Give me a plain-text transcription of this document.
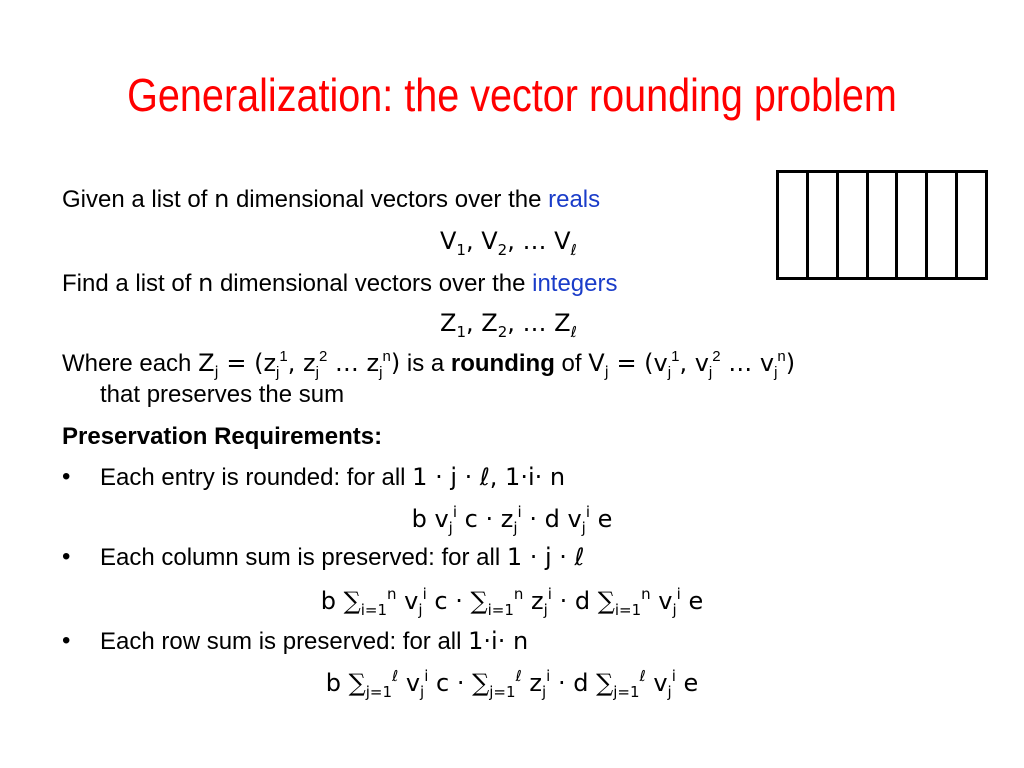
Generalization: the vector rounding problem
Given a list of n dimensional vectors over the reals
$V_1$, $V_2$, … $V_\ell$
Find a list of n dimensional vectors over the integers
$Z_1$, $Z_2$, … $Z_\ell$
Where each $Z_j = (z_j^1$, $z_j^2$ … $z_j^n$) is a rounding of $V_j = (v_j^1$, $v_j^2$ … $v_j^n$)
that preserves the sum
Preservation Requirements:
• Each entry is rounded: for all 1 · j · ℓ, 1·i· n
b $v_j^i$ $c \cdot z_j^i \cdot d$ $v_j^i$ e
• Each column sum is preserved: for all 1 · j · ℓ
b $\sum_{i=1}^n$ $v_j^i$ $c \cdot \sum_{i=1}^n$ $z_j^i \cdot d$ $\sum_{i=1}^n$ $v_j^i$ e
• Each row sum is preserved: for all 1·i· n
b $\sum_{j=1}^\ell$ $v_j^i$ $c \cdot \sum_{j=1}^\ell$ $z_j^i \cdot d$ $\sum_{j=1}^\ell$ $v_j^i$ e
